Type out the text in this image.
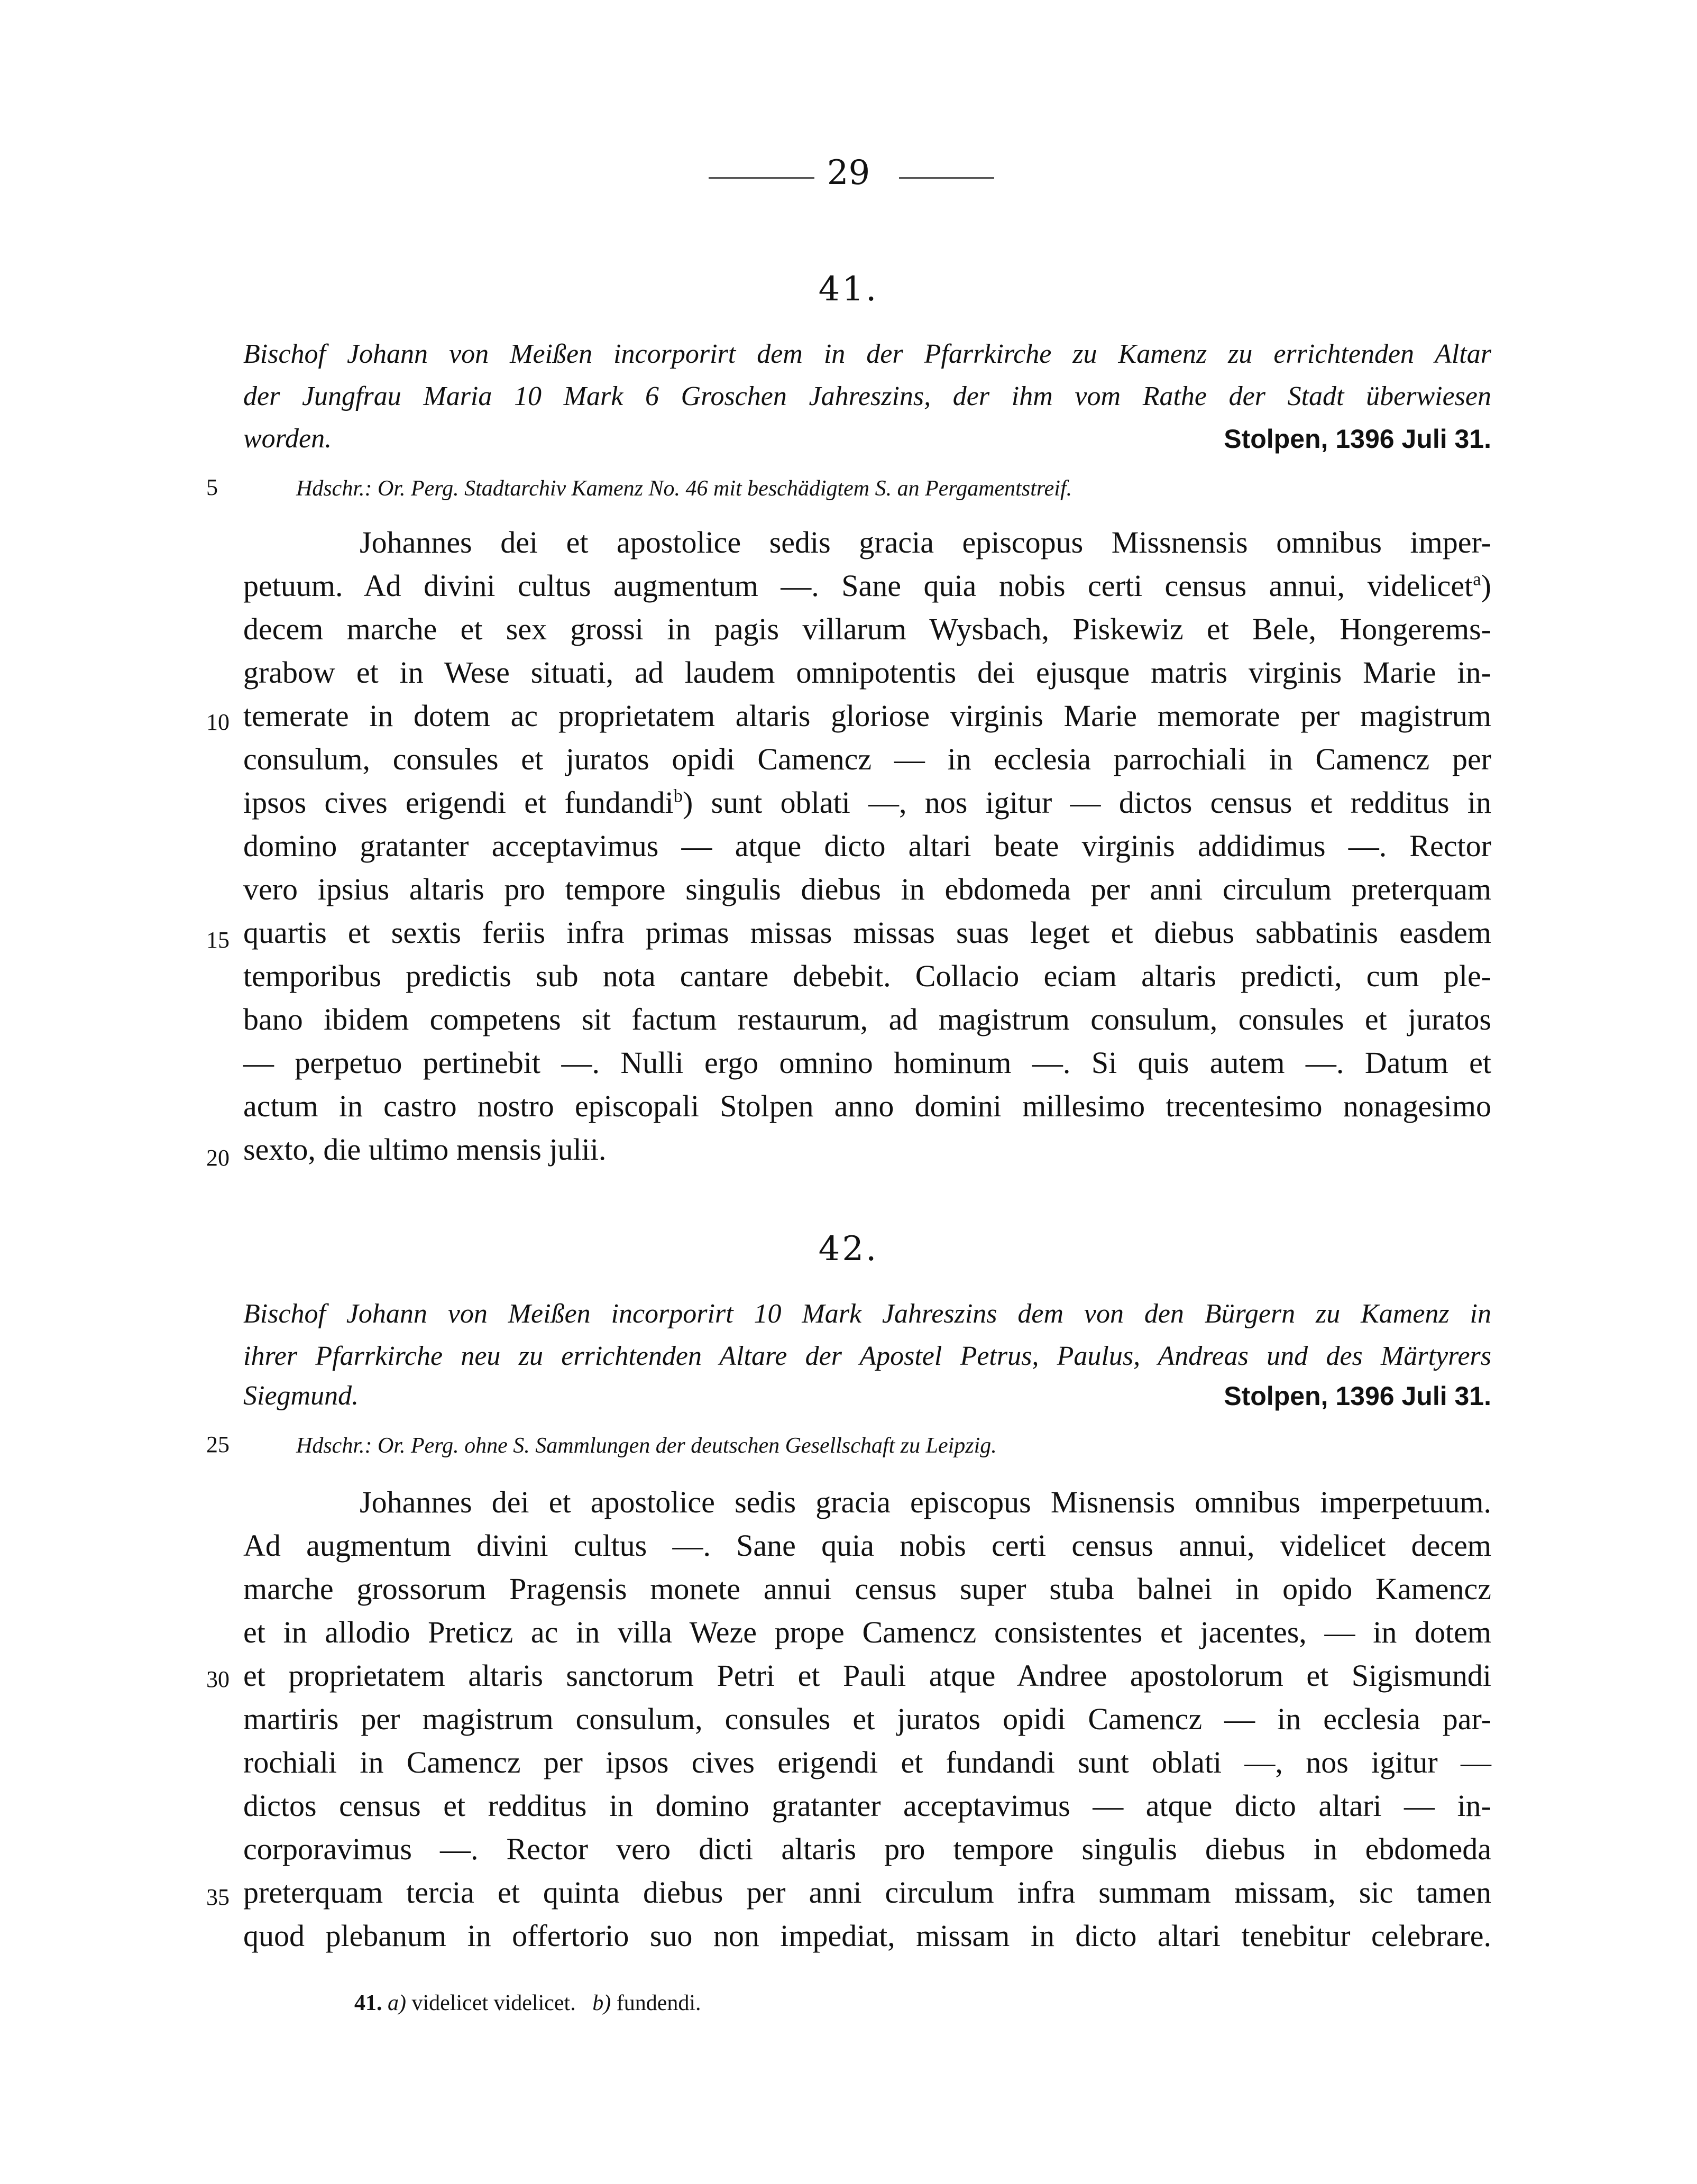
29
41.
Bischof Johann von Meißen incorporirt dem in der Pfarrkirche zu Kamenz zu errichtenden Altar
der Jungfrau Maria 10 Mark 6 Groschen Jahreszins, der ihm vom Rathe der Stadt überwiesen
worden.	Stolpen, 1396 Juli 31.
5	Hdschr.: Or. Perg. Stadtarchiv Kamenz No. 46 mit beschädigtem S. an Pergamentstreif.
10
15
20
Johannes dei et apostolice sedis gracia episcopus Missnensis omnibus imper-
petuum. Ad divini cultus augmentum —. Sane quia nobis certi census annui, videlicet$^a$)
decem marche et sex grossi in pagis villarum Wysbach, Piskewiz et Bele, Hongerems-
grabow et in Wese situati, ad laudem omnipotentis dei ejusque matris virginis Marie in-
temerate in dotem ac proprietatem altaris gloriose virginis Marie memorate per magistrum
consulum, consules et juratos opidi Camencz — in ecclesia parrochiali in Camencz per
ipsos cives erigendi et fundandi$^b$) sunt oblati —, nos igitur — dictos census et redditus in
domino gratanter acceptavimus — atque dicto altari beate virginis addidimus —. Rector
vero ipsius altaris pro tempore singulis diebus in ebdomeda per anni circulum preterquam
quartis et sextis feriis infra primas missas missas suas leget et diebus sabbatinis easdem
temporibus predictis sub nota cantare debebit. Collacio eciam altaris predicti, cum ple-
bano ibidem competens sit factum restaurum, ad magistrum consulum, consules et juratos
— perpetuo pertinebit —. Nulli ergo omnino hominum —. Si quis autem —. Datum et
actum in castro nostro episcopali Stolpen anno domini millesimo trecentesimo nonagesimo
sexto, die ultimo mensis julii.
42.
Bischof Johann von Meißen incorporirt 10 Mark Jahreszins dem von den Bürgern zu Kamenz in
ihrer Pfarrkirche neu zu errichtenden Altare der Apostel Petrus, Paulus, Andreas und des Märtyrers
Siegmund.	Stolpen, 1396 Juli 31.
25	Hdschr.: Or. Perg. ohne S. Sammlungen der deutschen Gesellschaft zu Leipzig.
30
35
Johannes dei et apostolice sedis gracia episcopus Misnensis omnibus imperpetuum.
Ad augmentum divini cultus —. Sane quia nobis certi census annui, videlicet decem
marche grossorum Pragensis monete annui census super stuba balnei in opido Kamencz
et in allodio Preticz ac in villa Weze prope Camencz consistentes et jacentes, — in dotem
et proprietatem altaris sanctorum Petri et Pauli atque Andree apostolorum et Sigismundi
martiris per magistrum consulum, consules et juratos opidi Camencz — in ecclesia par-
rochiali in Camencz per ipsos cives erigendi et fundandi sunt oblati —, nos igitur —
dictos census et redditus in domino gratanter acceptavimus — atque dicto altari — in-
corporavimus —. Rector vero dicti altaris pro tempore singulis diebus in ebdomeda
preterquam tercia et quinta diebus per anni circulum infra summam missam, sic tamen
quod plebanum in offertorio suo non impediat, missam in dicto altari tenebitur celebrare.
41. a) videlicet videlicet. b) fundendi.
